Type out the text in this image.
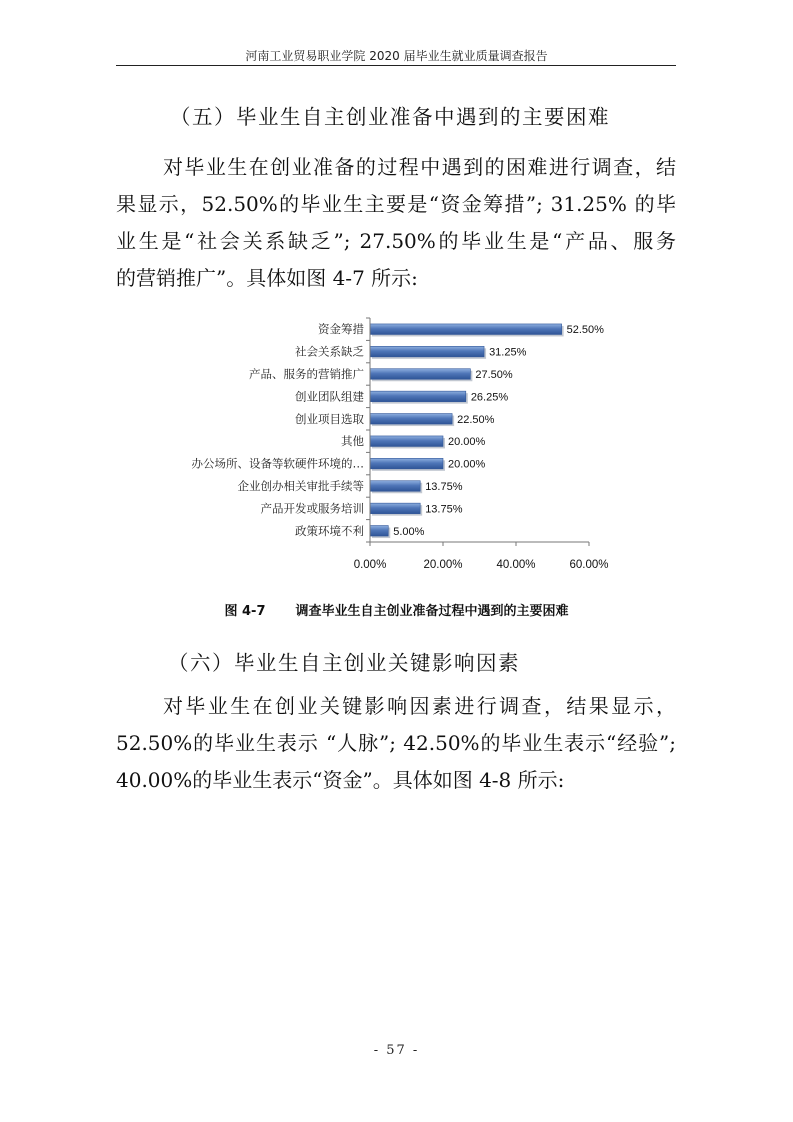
河南工业贸易职业学院 2020 届毕业生就业质量调查报告
（五）毕业生自主创业准备中遇到的主要困难
对毕业生在创业准备的过程中遇到的困难进行调查，结
果显示，52.50%的毕业生主要是“资金筹措”; 31.25% 的毕
业生是“社会关系缺乏”; 27.50%的毕业生是“产品、服务
的营销推广”。具体如图 4-7 所示:
资金筹措
社会关系缺乏
产品、服务的营销推广
创业团队组建
创业项目选取
其他
办公场所、设备等软硬件环境的…
企业创办相关审批手续等
产品开发或服务培训
政策环境不利
52.50%
31.25%
27.50%
26.25%
22.50%
20.00%
20.00%
13.75%
13.75%
5.00%
0.00%	20.00%	40.00%	60.00%
图 4-7 调查毕业生自主创业准备过程中遇到的主要困难
（六）毕业生自主创业关键影响因素
对毕业生在创业关键影响因素进行调查，结果显示，
52.50%的毕业生表示 “人脉”; 42.50%的毕业生表示“经验”;
40.00%的毕业生表示“资金”。具体如图 4-8 所示:
- 57 -
